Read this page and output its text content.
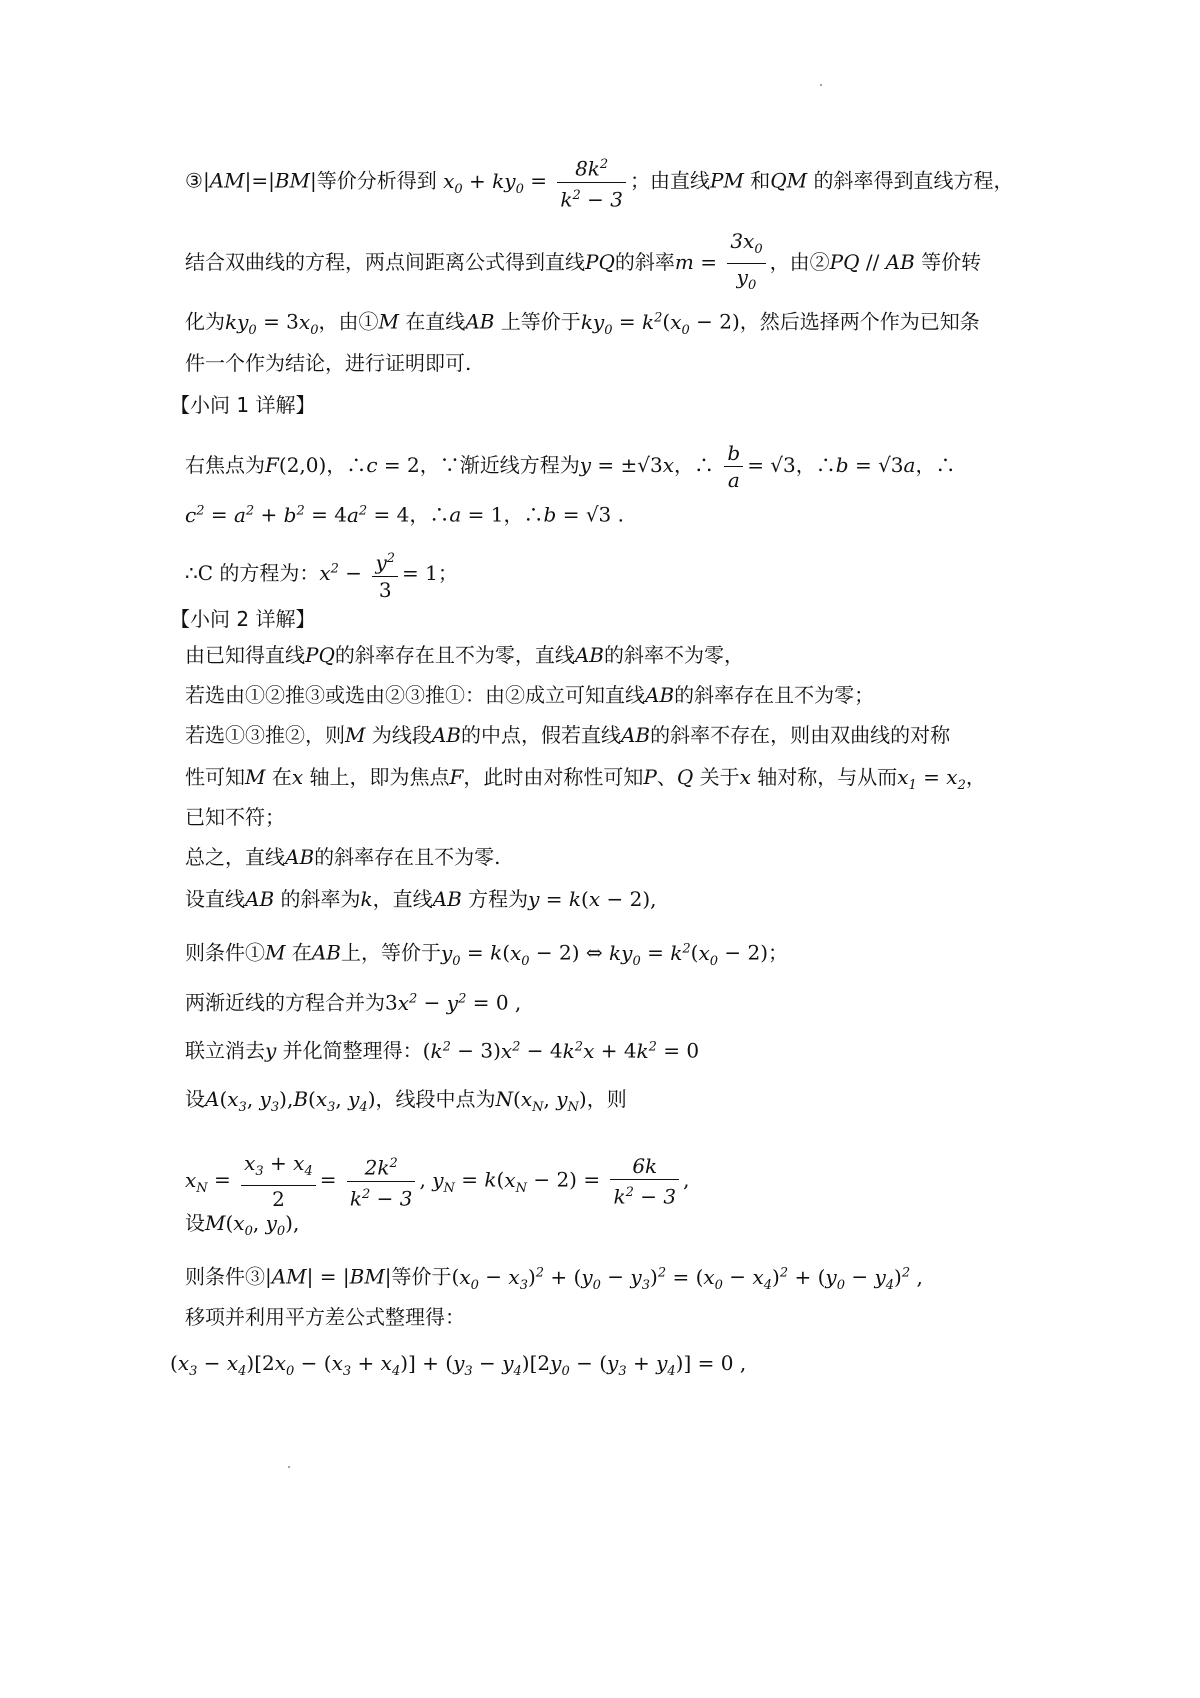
③|AM|=|BM|等价分析得到 $x_0 + ky_0 = \frac{8k^2}{k^2 - 3}$ ；由直线PM 和QM 的斜率得到直线方程，
结合双曲线的方程，两点间距离公式得到直线PQ的斜率$m = \frac{3x_0}{y_0}$ ，由②PQ // AB 等价转
化为$ky_0 = 3x_0$，由①M 在直线AB 上等价于$ky_0 = k^2(x_0 - 2)$，然后选择两个作为已知条
件一个作为结论，进行证明即可.
【小问 1 详解】
右焦点为F(2,0)，∴c = 2，∵渐近线方程为y = ±√3x，∴ $\frac{b}{a} = √3$，∴b = √3a，∴
$c^2 = a^2 + b^2 = 4a^2 = 4$，∴a = 1，∴b = √3 .
∴C 的方程为：$x^2 - \frac{y^2}{3} = 1$；
【小问 2 详解】
由已知得直线PQ的斜率存在且不为零，直线AB的斜率不为零，
若选由①②推③或选由②③推①：由②成立可知直线AB的斜率存在且不为零；
若选①③推②，则M 为线段AB的中点，假若直线AB的斜率不存在，则由双曲线的对称
性可知M 在x 轴上，即为焦点F，此时由对称性可知P、Q 关于x 轴对称，与从而$x_1 = x_2$，
已知不符；
总之，直线AB的斜率存在且不为零.
设直线AB 的斜率为k，直线AB 方程为y = k(x − 2),
则条件①M 在AB上，等价于$y_0 = k(x_0 - 2)$ ⇔ $ky_0 = k^2(x_0 - 2)$；
两渐近线的方程合并为$3x^2 - y^2 = 0$ ,
联立消去y 并化简整理得：$(k^2 - 3)x^2 - 4k^2x + 4k^2 = 0$
设$A(x_3$, $y_3),B(x_3$, $y_4$)，线段中点为$N(x_N$, $y_N$)，则
$x_N = \frac{x_3 + x_4}{2} = \frac{2k^2}{k^2 - 3}$ , $y_N = k(x_N - 2) = \frac{6k}{k^2 - 3}$ ,
设$M(x_0$, $y_0$),
则条件③|AM| = |BM|等价于$(x_0 - x_3)^2 + (y_0 - y_3)^2 = (x_0 - x_4)^2 + (y_0 - y_4)^2$ ,
移项并利用平方差公式整理得：
$(x_3 - x_4)[2x_0 - (x_3 + x_4)] + (y_3 - y_4)[2y_0 - (y_3 + y_4)] = 0$ ,
